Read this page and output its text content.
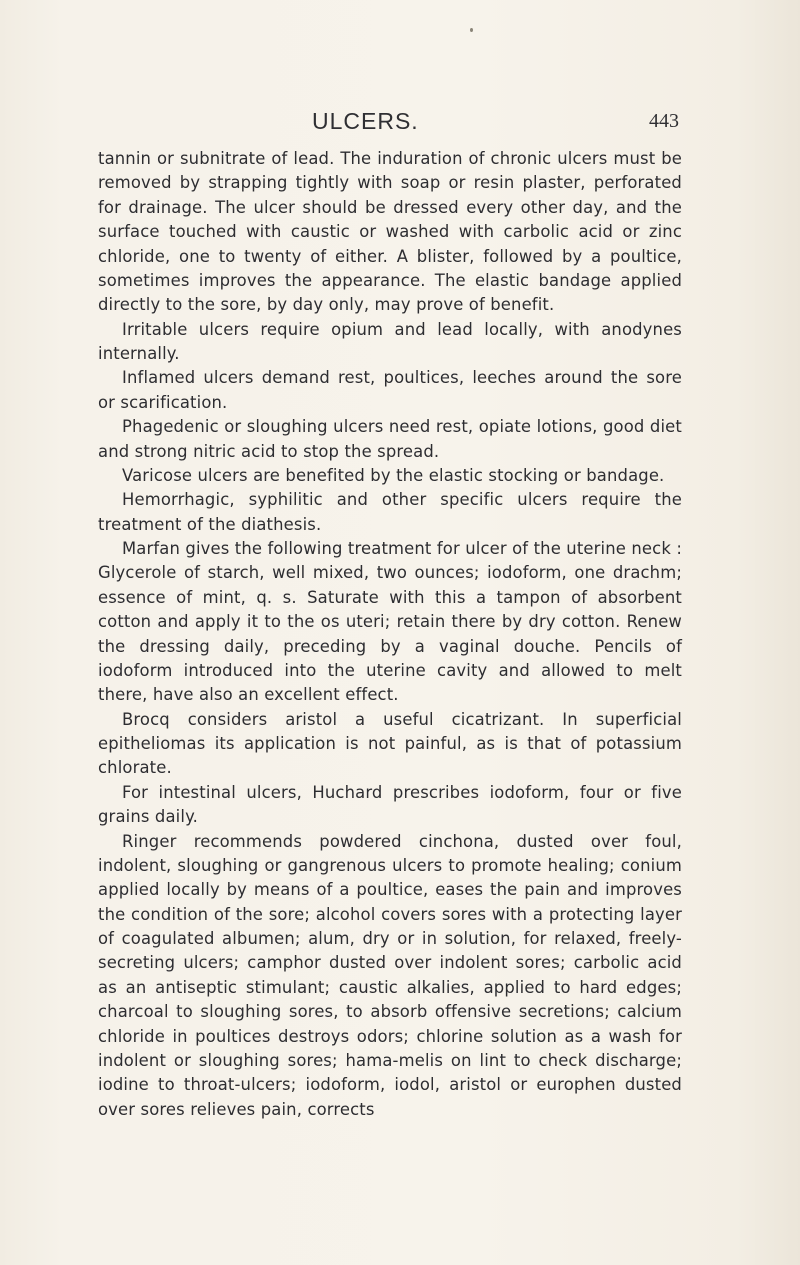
ULCERS.	443

tannin or subnitrate of lead. The induration of chronic ulcers must be removed by strapping tightly with soap or resin plaster, perforated for drainage. The ulcer should be dressed every other day, and the surface touched with caustic or washed with carbolic acid or zinc chloride, one to twenty of either. A blister, followed by a poultice, sometimes improves the appearance. The elastic bandage applied directly to the sore, by day only, may prove of benefit.

Irritable ulcers require opium and lead locally, with anodynes internally.

Inflamed ulcers demand rest, poultices, leeches around the sore or scarification.

Phagedenic or sloughing ulcers need rest, opiate lotions, good diet and strong nitric acid to stop the spread.

Varicose ulcers are benefited by the elastic stocking or bandage.

Hemorrhagic, syphilitic and other specific ulcers require the treatment of the diathesis.

Marfan gives the following treatment for ulcer of the uterine neck : Glycerole of starch, well mixed, two ounces; iodoform, one drachm; essence of mint, q. s. Saturate with this a tampon of absorbent cotton and apply it to the os uteri; retain there by dry cotton. Renew the dressing daily, preceding by a vaginal douche. Pencils of iodoform introduced into the uterine cavity and allowed to melt there, have also an excellent effect.

Brocq considers aristol a useful cicatrizant. In superficial epitheliomas its application is not painful, as is that of potassium chlorate.

For intestinal ulcers, Huchard prescribes iodoform, four or five grains daily.

Ringer recommends powdered cinchona, dusted over foul, indolent, sloughing or gangrenous ulcers to promote healing; conium applied locally by means of a poultice, eases the pain and improves the condition of the sore; alcohol covers sores with a protecting layer of coagulated albumen; alum, dry or in solution, for relaxed, freely-secreting ulcers; camphor dusted over indolent sores; carbolic acid as an antiseptic stimulant; caustic alkalies, applied to hard edges; charcoal to sloughing sores, to absorb offensive secretions; calcium chloride in poultices destroys odors; chlorine solution as a wash for indolent or sloughing sores; hama-melis on lint to check discharge; iodine to throat-ulcers; iodoform, iodol, aristol or europhen dusted over sores relieves pain, corrects
